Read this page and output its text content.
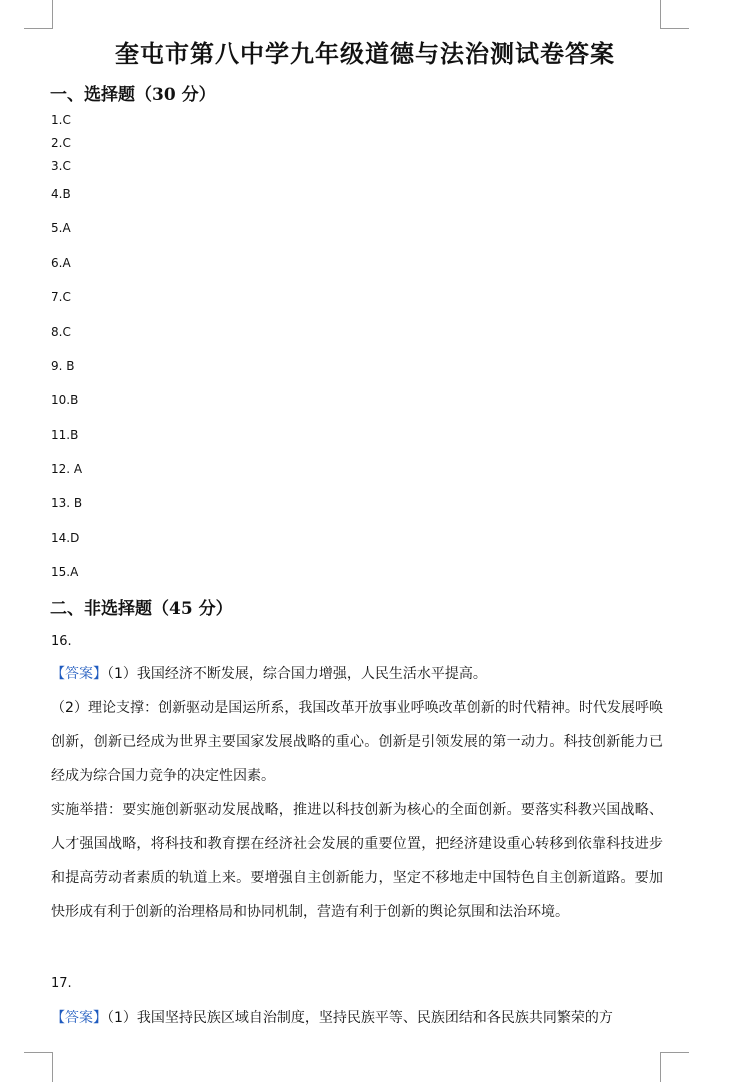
奎屯市第八中学九年级道德与法治测试卷答案
一、选择题（30 分）
1.C
2.C
3.C
4.B
5.A
6.A
7.C
8.C
9. B
10.B
11.B
12. A
13. B
14.D
15.A
二、非选择题（45 分）
16.
【答案】（1）我国经济不断发展，综合国力增强，人民生活水平提高。
（2）理论支撑：创新驱动是国运所系，我国改革开放事业呼唤改革创新的时代精神。时代发展呼唤创新，创新已经成为世界主要国家发展战略的重心。创新是引领发展的第一动力。科技创新能力已经成为综合国力竞争的决定性因素。
实施举措：要实施创新驱动发展战略，推进以科技创新为核心的全面创新。要落实科教兴国战略、人才强国战略，将科技和教育摆在经济社会发展的重要位置，把经济建设重心转移到依靠科技进步和提高劳动者素质的轨道上来。要增强自主创新能力，坚定不移地走中国特色自主创新道路。要加快形成有利于创新的治理格局和协同机制，营造有利于创新的舆论氛围和法治环境。
17.
【答案】（1）我国坚持民族区域自治制度，坚持民族平等、民族团结和各民族共同繁荣的方
